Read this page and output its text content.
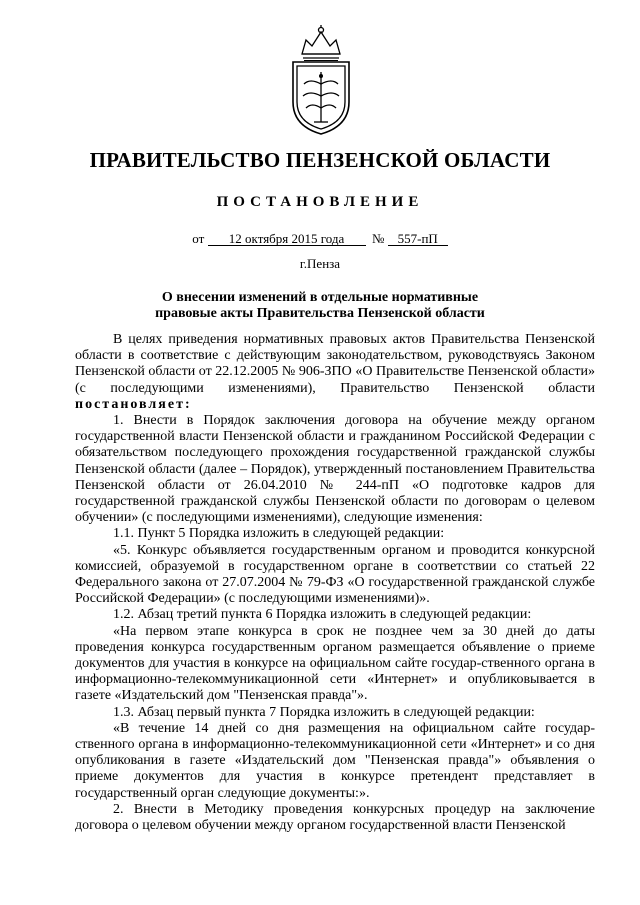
ПРАВИТЕЛЬСТВО ПЕНЗЕНСКОЙ ОБЛАСТИ
ПОСТАНОВЛЕНИЕ
от 12 октября 2015 года № 557-пП
г.Пенза
О внесении изменений в отдельные нормативные
правовые акты Правительства Пензенской области

В целях приведения нормативных правовых актов Правительства Пензенской области в соответствие с действующим законодательством, руководствуясь Законом Пензенской области от 22.12.2005 № 906-ЗПО «О Правительстве Пензенской области» (с последующими изменениями), Правительство Пензенской области постановляет:

1. Внести в Порядок заключения договора на обучение между органом государственной власти Пензенской области и гражданином Российской Федерации с обязательством последующего прохождения государственной гражданской службы Пензенской области (далее – Порядок), утвержденный постановлением Правительства Пензенской области от 26.04.2010 № 244-пП «О подготовке кадров для государственной гражданской службы Пензенской области по договорам о целевом обучении» (с последующими изменениями), следующие изменения:

1.1. Пункт 5 Порядка изложить в следующей редакции:

«5. Конкурс объявляется государственным органом и проводится конкурсной комиссией, образуемой в государственном органе в соответствии со статьей 22 Федерального закона от 27.07.2004 № 79-ФЗ «О государственной гражданской службе Российской Федерации» (с последующими изменениями)».

1.2. Абзац третий пункта 6 Порядка изложить в следующей редакции:

«На первом этапе конкурса в срок не позднее чем за 30 дней до даты проведения конкурса государственным органом размещается объявление о приеме документов для участия в конкурсе на официальном сайте государ-ственного органа в информационно-телекоммуникационной сети «Интернет» и опубликовывается в газете «Издательский дом "Пензенская правда"».

1.3. Абзац первый пункта 7 Порядка изложить в следующей редакции:

«В течение 14 дней со дня размещения на официальном сайте государ-ственного органа в информационно-телекоммуникационной сети «Интернет» и со дня опубликования в газете «Издательский дом "Пензенская правда"» объявления о приеме документов для участия в конкурсе претендент представляет в государственный орган следующие документы:».

2. Внести в Методику проведения конкурсных процедур на заключение договора о целевом обучении между органом государственной власти Пензенской
